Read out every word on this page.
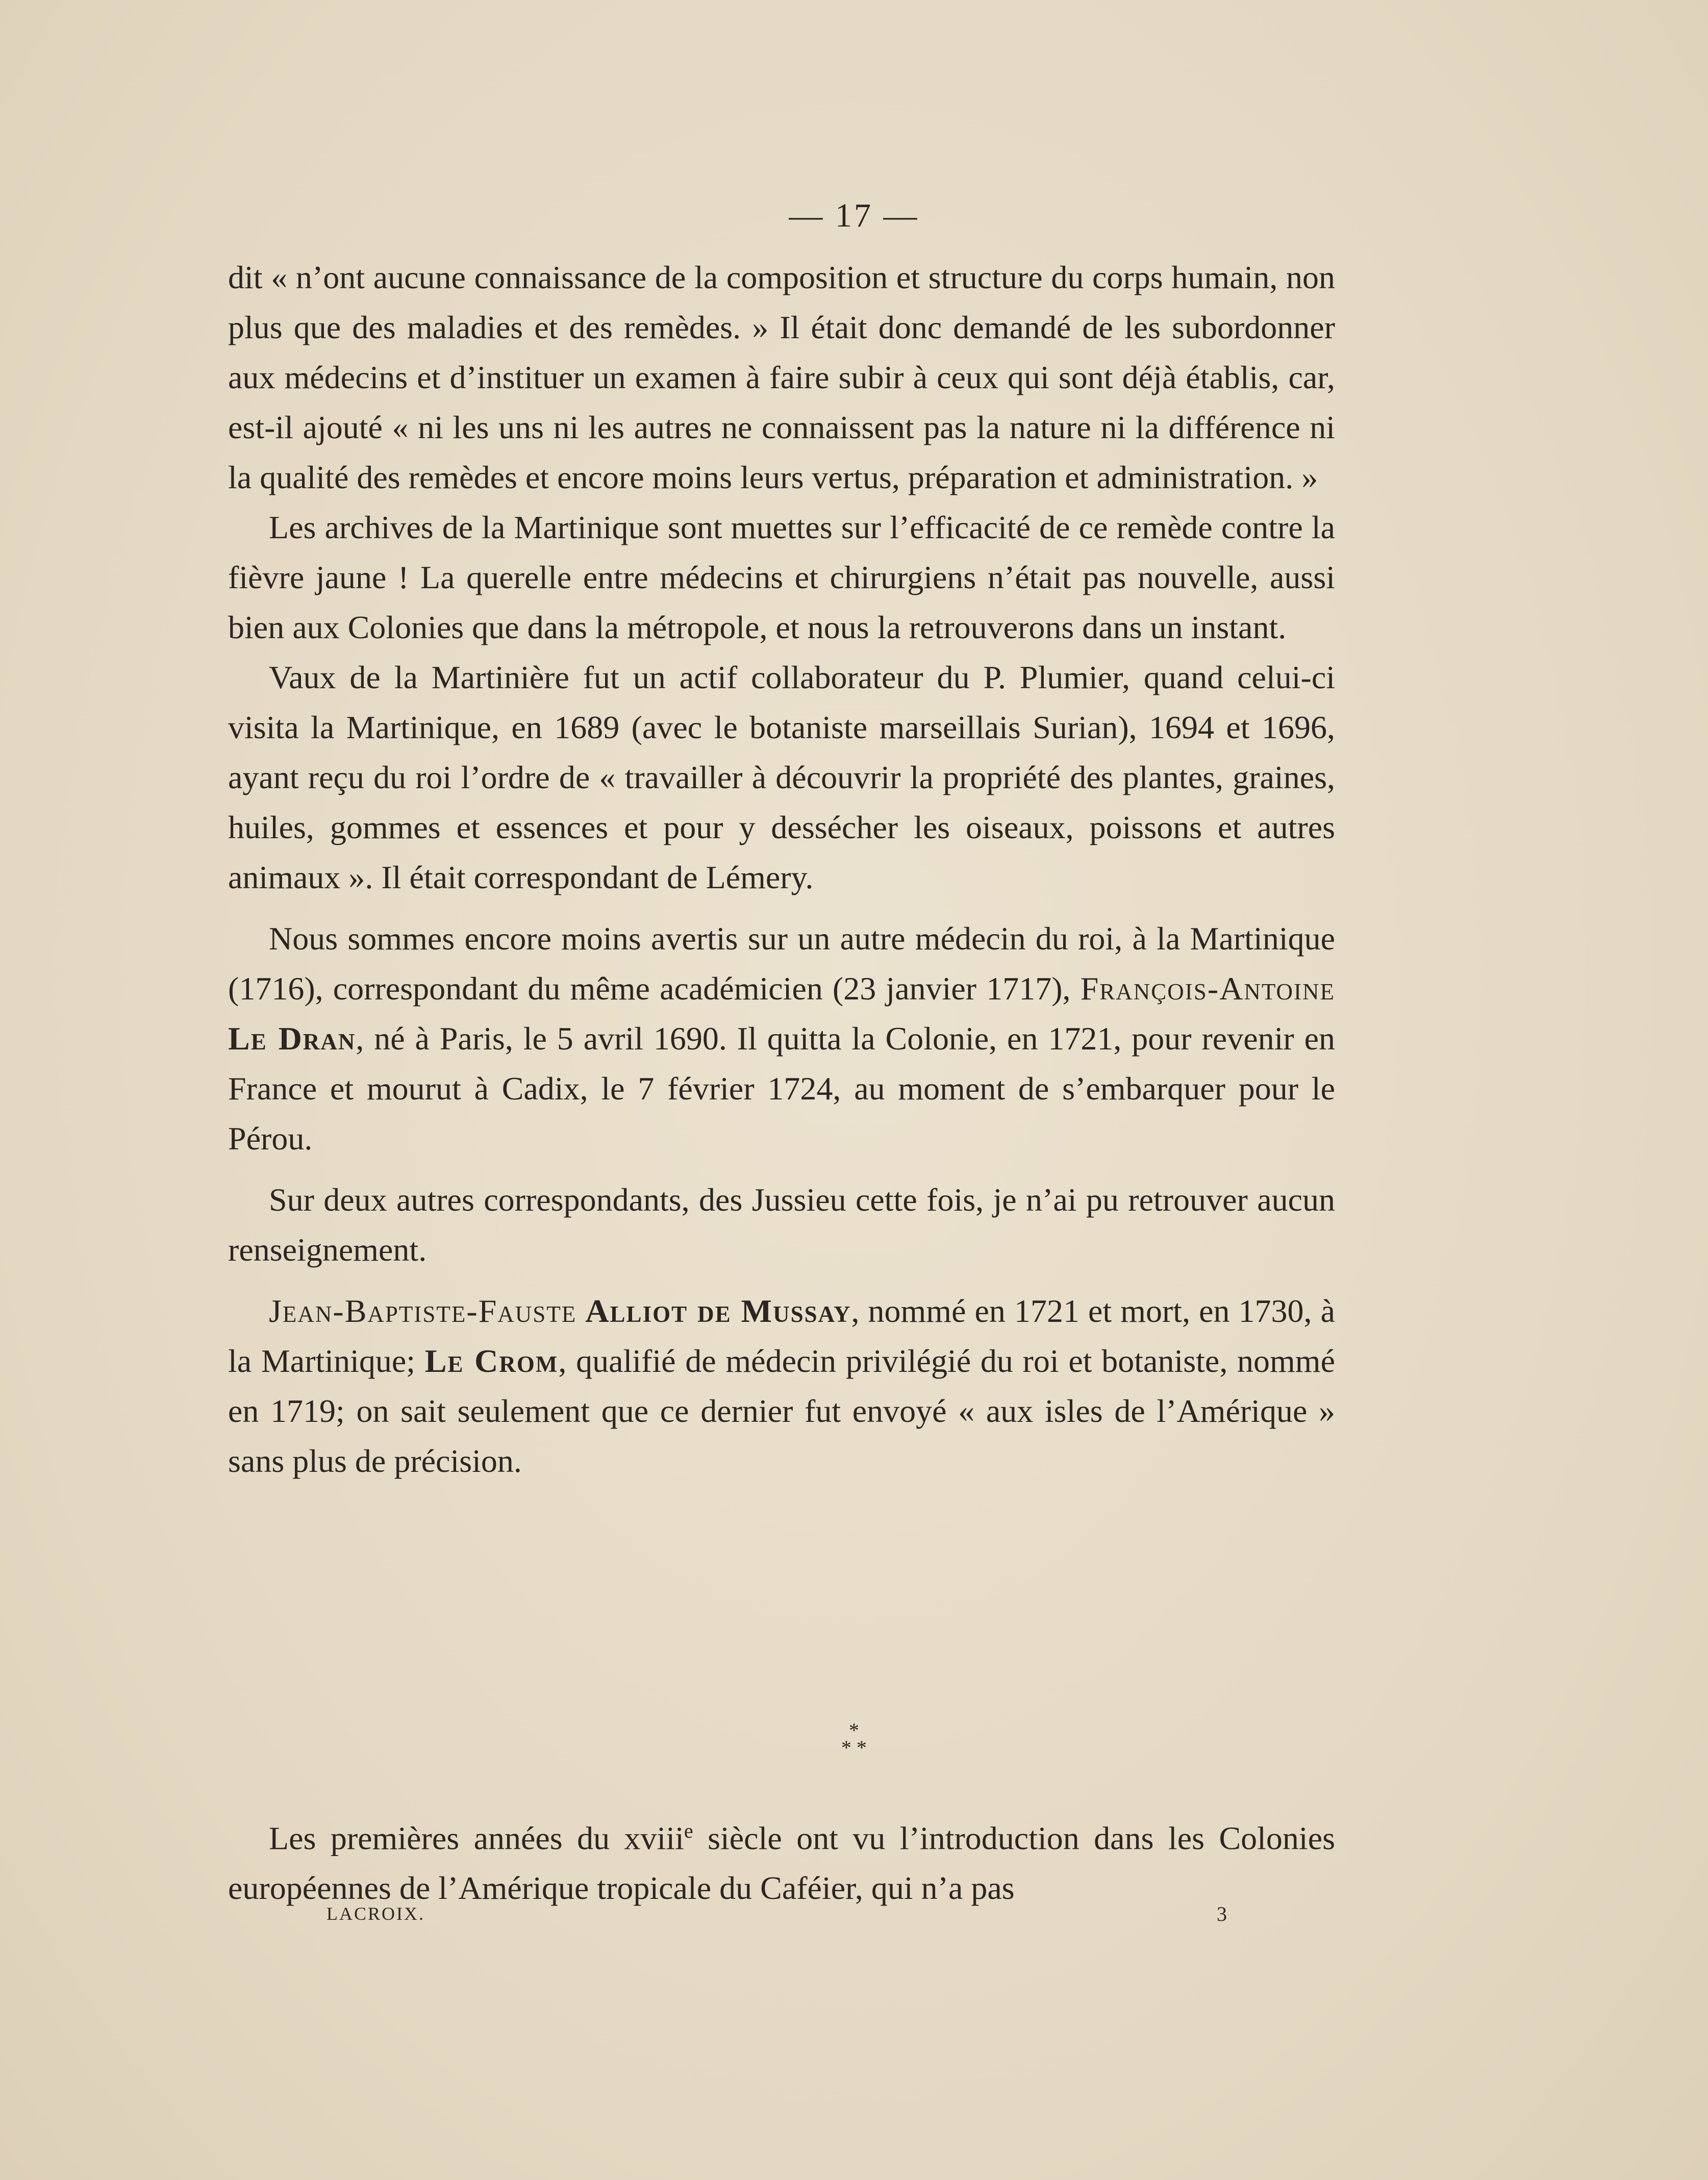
— 17 —

dit « n’ont aucune connaissance de la composition et structure du corps humain, non plus que des maladies et des remèdes. » Il était donc demandé de les subordonner aux médecins et d’instituer un examen à faire subir à ceux qui sont déjà établis, car, est-il ajouté « ni les uns ni les autres ne connaissent pas la nature ni la différence ni la qualité des remèdes et encore moins leurs vertus, préparation et administration. »

Les archives de la Martinique sont muettes sur l’efficacité de ce remède contre la fièvre jaune ! La querelle entre médecins et chirurgiens n’était pas nouvelle, aussi bien aux Colonies que dans la métropole, et nous la retrouverons dans un instant.

Vaux de la Martinière fut un actif collaborateur du P. Plumier, quand celui-ci visita la Martinique, en 1689 (avec le botaniste marseillais Surian), 1694 et 1696, ayant reçu du roi l’ordre de « travailler à découvrir la propriété des plantes, graines, huiles, gommes et essences et pour y dessécher les oiseaux, poissons et autres animaux ». Il était correspondant de Lémery.

Nous sommes encore moins avertis sur un autre médecin du roi, à la Martinique (1716), correspondant du même académicien (23 janvier 1717), François-Antoine Le Dran, né à Paris, le 5 avril 1690. Il quitta la Colonie, en 1721, pour revenir en France et mourut à Cadix, le 7 février 1724, au moment de s’embarquer pour le Pérou.

Sur deux autres correspondants, des Jussieu cette fois, je n’ai pu retrouver aucun renseignement.

Jean-Baptiste-Fauste Alliot de Mussay, nommé en 1721 et mort, en 1730, à la Martinique; Le Crom, qualifié de médecin privilégié du roi et botaniste, nommé en 1719; on sait seulement que ce dernier fut envoyé « aux isles de l’Amérique » sans plus de précision.

*
* *

Les premières années du xviii$^e$ siècle ont vu l’introduction dans les Colonies européennes de l’Amérique tropicale du Caféier, qui n’a pas

LACROIX.	3
